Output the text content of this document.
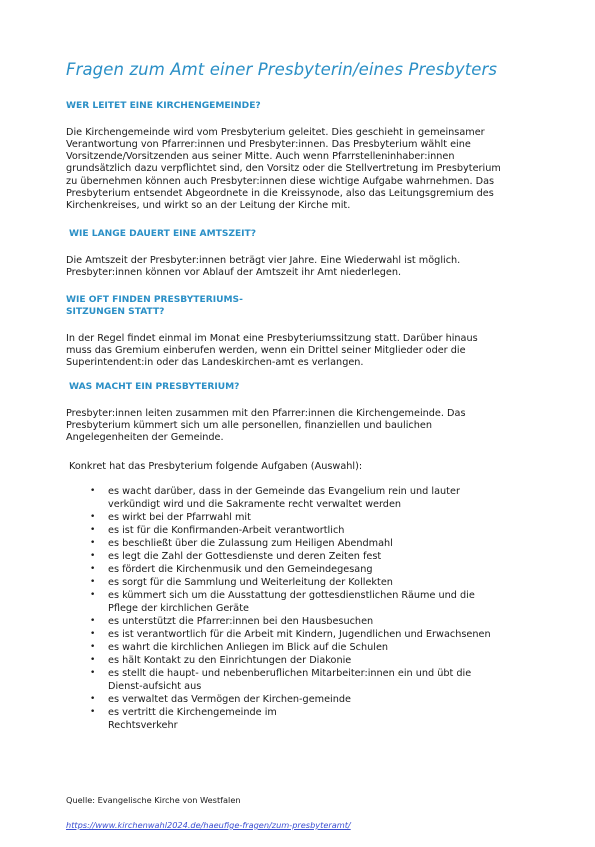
Fragen zum Amt einer Presbyterin/eines Presbyters
WER LEITET EINE KIRCHENGEMEINDE?
Die Kirchengemeinde wird vom Presbyterium geleitet. Dies geschieht in gemeinsamer
Verantwortung von Pfarrer:innen und Presbyter:innen. Das Presbyterium wählt eine
Vorsitzende/Vorsitzenden aus seiner Mitte. Auch wenn Pfarrstelleninhaber:innen
grundsätzlich dazu verpflichtet sind, den Vorsitz oder die Stellvertretung im Presbyterium
zu übernehmen können auch Presbyter:innen diese wichtige Aufgabe wahrnehmen. Das
Presbyterium entsendet Abgeordnete in die Kreissynode, also das Leitungsgremium des
Kirchenkreises, und wirkt so an der Leitung der Kirche mit.
WIE LANGE DAUERT EINE AMTSZEIT?
Die Amtszeit der Presbyter:innen beträgt vier Jahre. Eine Wiederwahl ist möglich.
Presbyter:innen können vor Ablauf der Amtszeit ihr Amt niederlegen.
WIE OFT FINDEN PRESBYTERIUMS-
SITZUNGEN STATT?
In der Regel findet einmal im Monat eine Presbyteriumssitzung statt. Darüber hinaus
muss das Gremium einberufen werden, wenn ein Drittel seiner Mitglieder oder die
Superintendent:in oder das Landeskirchen-amt es verlangen.
WAS MACHT EIN PRESBYTERIUM?
Presbyter:innen leiten zusammen mit den Pfarrer:innen die Kirchengemeinde. Das
Presbyterium kümmert sich um alle personellen, finanziellen und baulichen
Angelegenheiten der Gemeinde.
Konkret hat das Presbyterium folgende Aufgaben (Auswahl):
• es wacht darüber, dass in der Gemeinde das Evangelium rein und lauter
verkündigt wird und die Sakramente recht verwaltet werden
• es wirkt bei der Pfarrwahl mit
• es ist für die Konfirmanden-Arbeit verantwortlich
• es beschließt über die Zulassung zum Heiligen Abendmahl
• es legt die Zahl der Gottesdienste und deren Zeiten fest
• es fördert die Kirchenmusik und den Gemeindegesang
• es sorgt für die Sammlung und Weiterleitung der Kollekten
• es kümmert sich um die Ausstattung der gottesdienstlichen Räume und die
Pflege der kirchlichen Geräte
• es unterstützt die Pfarrer:innen bei den Hausbesuchen
• es ist verantwortlich für die Arbeit mit Kindern, Jugendlichen und Erwachsenen
• es wahrt die kirchlichen Anliegen im Blick auf die Schulen
• es hält Kontakt zu den Einrichtungen der Diakonie
• es stellt die haupt- und nebenberuflichen Mitarbeiter:innen ein und übt die
Dienst-aufsicht aus
• es verwaltet das Vermögen der Kirchen-gemeinde
• es vertritt die Kirchengemeinde im
Rechtsverkehr
Quelle: Evangelische Kirche von Westfalen
https://www.kirchenwahl2024.de/haeufige-fragen/zum-presbyteramt/
